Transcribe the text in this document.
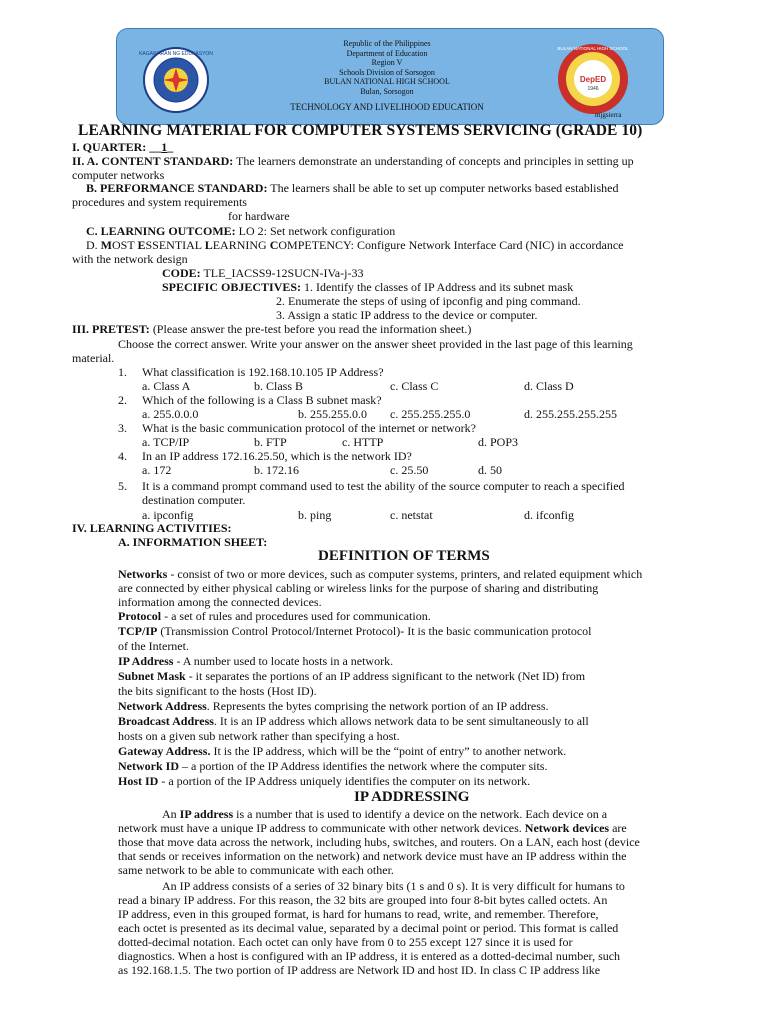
KAGAWARAN NG EDUKASYON
DepED
1946
BULAN NATIONAL HIGH SCHOOL
Republic of the Philippines
Department of Education
Region V
Schools Division of Sorsogon
BULAN NATIONAL HIGH SCHOOL
Bulan, Sorsogon
TECHNOLOGY AND LIVELIHOOD EDUCATION
mjgsierra
LEARNING MATERIAL FOR COMPUTER SYSTEMS SERVICING (GRADE 10)
I. QUARTER: __1_
II. A. CONTENT STANDARD: The learners demonstrate an understanding of concepts and principles in setting up
computer networks
B. PERFORMANCE STANDARD: The learners shall be able to set up computer networks based established
procedures and system requirements
for hardware
C. LEARNING OUTCOME: LO 2: Set network configuration
D. MOST ESSENTIAL LEARNING COMPETENCY: Configure Network Interface Card (NIC) in accordance
with the network design
CODE: TLE_IACSS9-12SUCN-IVa-j-33
SPECIFIC OBJECTIVES: 1. Identify the classes of IP Address and its subnet mask
2. Enumerate the steps of using of ipconfig and ping command.
3. Assign a static IP address to the device or computer.
III. PRETEST: (Please answer the pre-test before you read the information sheet.)
Choose the correct answer. Write your answer on the answer sheet provided in the last page of this learning
material.
1. What classification is 192.168.10.105 IP Address?
a. Class A	b. Class B	c. Class C	d. Class D
2. Which of the following is a Class B subnet mask?
a. 255.0.0.0	b. 255.255.0.0 c. 255.255.255.0	d. 255.255.255.255
3. What is the basic communication protocol of the internet or network?
a. TCP/IP	b. FTP	c. HTTP	d. POP3
4. In an IP address 172.16.25.50, which is the network ID?
a. 172	b. 172.16	c. 25.50	d. 50
5. It is a command prompt command used to test the ability of the source computer to reach a specified
destination computer.
a. ipconfig	b. ping	c. netstat	d. ifconfig
IV. LEARNING ACTIVITIES:
A. INFORMATION SHEET:
DEFINITION OF TERMS
Networks - consist of two or more devices, such as computer systems, printers, and related equipment which
are connected by either physical cabling or wireless links for the purpose of sharing and distributing
information among the connected devices.
Protocol - a set of rules and procedures used for communication.
TCP/IP (Transmission Control Protocol/Internet Protocol)- It is the basic communication protocol
of the Internet.
IP Address - A number used to locate hosts in a network.
Subnet Mask - it separates the portions of an IP address significant to the network (Net ID) from
the bits significant to the hosts (Host ID).
Network Address. Represents the bytes comprising the network portion of an IP address.
Broadcast Address. It is an IP address which allows network data to be sent simultaneously to all
hosts on a given sub network rather than specifying a host.
Gateway Address. It is the IP address, which will be the “point of entry” to another network.
Network ID – a portion of the IP Address identifies the network where the computer sits.
Host ID - a portion of the IP Address uniquely identifies the computer on its network.
IP ADDRESSING
An IP address is a number that is used to identify a device on the network. Each device on a
network must have a unique IP address to communicate with other network devices. Network devices are
those that move data across the network, including hubs, switches, and routers. On a LAN, each host (device
that sends or receives information on the network) and network device must have an IP address within the
same network to be able to communicate with each other.
An IP address consists of a series of 32 binary bits (1 s and 0 s). It is very difficult for humans to
read a binary IP address. For this reason, the 32 bits are grouped into four 8-bit bytes called octets. An
IP address, even in this grouped format, is hard for humans to read, write, and remember. Therefore,
each octet is presented as its decimal value, separated by a decimal point or period. This format is called
dotted-decimal notation. Each octet can only have from 0 to 255 except 127 since it is used for
diagnostics. When a host is configured with an IP address, it is entered as a dotted-decimal number, such
as 192.168.1.5. The two portion of IP address are Network ID and host ID. In class C IP address like
